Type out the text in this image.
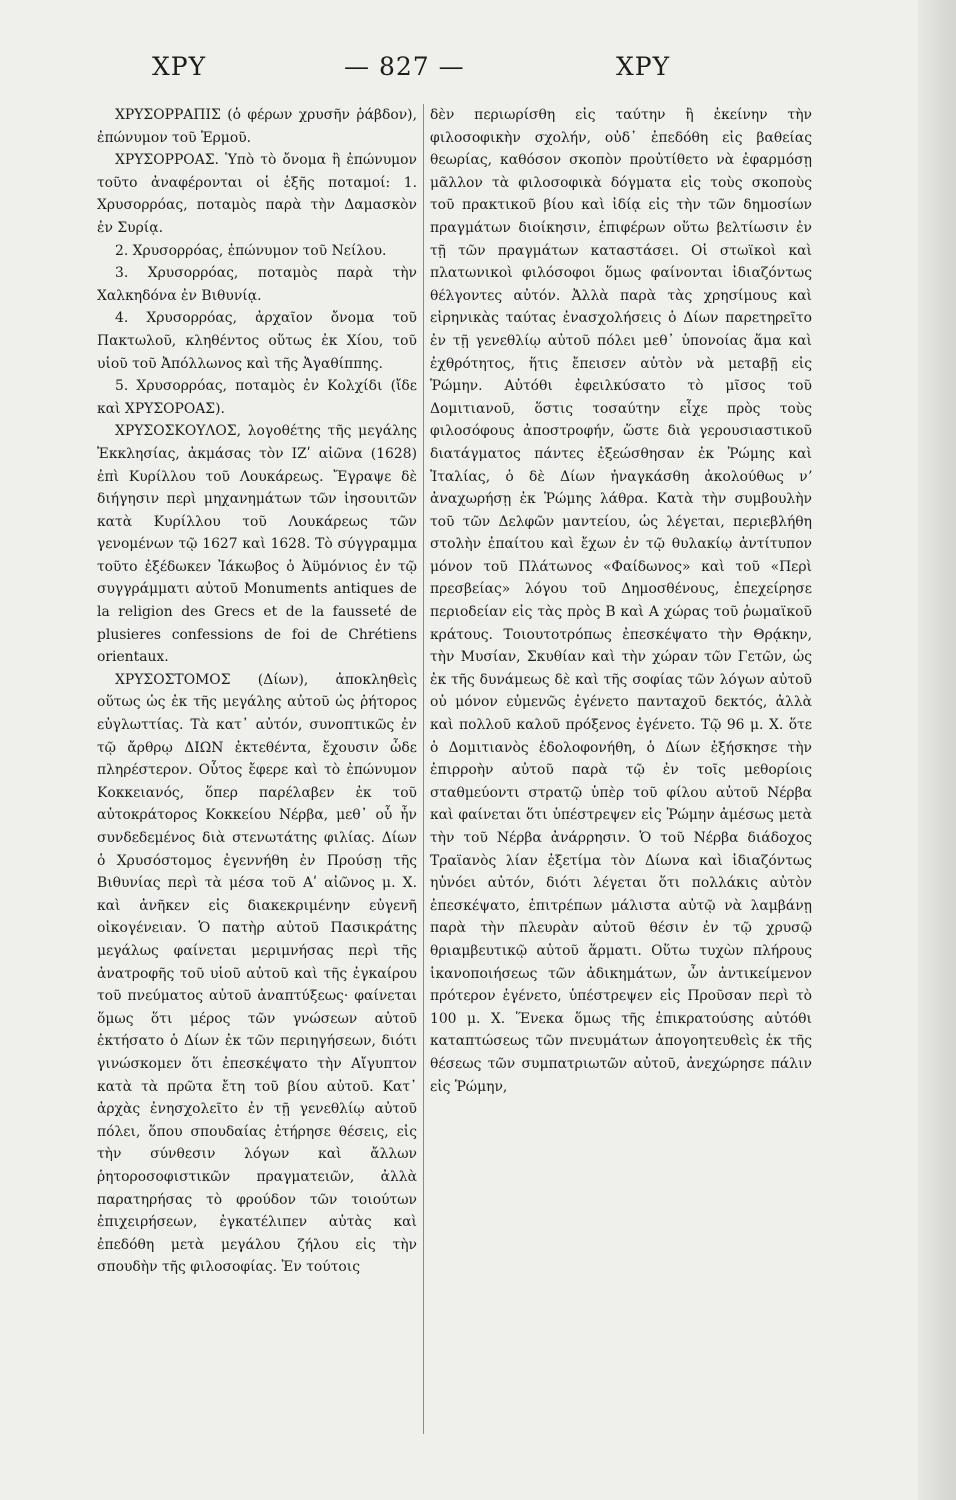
ΧΡΥ	— 827 —	ΧΡΥ

ΧΡΥΣΟΡΡΑΠΙΣ (ὁ φέρων χρυσῆν ῥάβδον), ἐπώνυμον τοῦ Ἑρμοῦ.

ΧΡΥΣΟΡΡΟΑΣ. Ὑπὸ τὸ ὄνομα ἢ ἐπώνυμον τοῦτο ἀναφέρονται οἱ ἑξῆς ποταμοί: 1. Χρυσορρόας, ποταμὸς παρὰ τὴν Δαμασκὸν ἐν Συρίᾳ.

2. Χρυσορρόας, ἐπώνυμον τοῦ Νείλου.

3. Χρυσορρόας, ποταμὸς παρὰ τὴν Χαλκηδόνα ἐν Βιθυνίᾳ.

4. Χρυσορρόας, ἀρχαῖον ὄνομα τοῦ Πακτωλοῦ, κληθέντος οὕτως ἐκ Χίου, τοῦ υἱοῦ τοῦ Ἀπόλλωνος καὶ τῆς Ἀγαθίππης.

5. Χρυσορρόας, ποταμὸς ἐν Κολχίδι (ἴδε καὶ ΧΡΥΣΟΡΟΑΣ).

ΧΡΥΣΟΣΚΟΥΛΟΣ, λογοθέτης τῆς μεγάλης Ἐκκλησίας, ἀκμάσας τὸν ΙΖʹ αἰῶνα (1628) ἐπὶ Κυρίλλου τοῦ Λουκάρεως. Ἔγραψε δὲ διήγησιν περὶ μηχανημάτων τῶν ἰησουιτῶν κατὰ Κυρίλλου τοῦ Λουκάρεως τῶν γενομένων τῷ 1627 καὶ 1628. Τὸ σύγγραμμα τοῦτο ἐξέδωκεν Ἰάκωβος ὁ Ἀϋμόνιος ἐν τῷ συγγράμματι αὐτοῦ Monuments antiques de la religion des Grecs et de la fausseté de plusieres confessions de foi de Chrétiens orientaux.

ΧΡΥΣΟΣΤΟΜΟΣ (Δίων), ἀποκληθεὶς οὕτως ὡς ἐκ τῆς μεγάλης αὐτοῦ ὡς ῥήτορος εὐγλωττίας. Τὰ κατ᾽ αὐτόν, συνοπτικῶς ἐν τῷ ἄρθρῳ ΔΙΩΝ ἐκτεθέντα, ἔχουσιν ὧδε πληρέστερον. Οὗτος ἔφερε καὶ τὸ ἐπώνυμον Κοκκειανός, ὅπερ παρέλαβεν ἐκ τοῦ αὐτοκράτορος Κοκκείου Νέρβα, μεθ᾽ οὗ ἦν συνδεδεμένος διὰ στενωτάτης φιλίας. Δίων ὁ Χρυσόστομος ἐγεννήθη ἐν Προύσῃ τῆς Βιθυνίας περὶ τὰ μέσα τοῦ Αʹ αἰῶνος μ. Χ. καὶ ἀνῆκεν εἰς διακεκριμένην εὐγενῆ οἰκογένειαν. Ὁ πατὴρ αὐτοῦ Πασικράτης μεγάλως φαίνεται μεριμνήσας περὶ τῆς ἀνατροφῆς τοῦ υἱοῦ αὐτοῦ καὶ τῆς ἐγκαίρου τοῦ πνεύματος αὐτοῦ ἀναπτύξεως· φαίνεται ὅμως ὅτι μέρος τῶν γνώσεων αὐτοῦ ἐκτήσατο ὁ Δίων ἐκ τῶν περιηγήσεων, διότι γινώσκομεν ὅτι ἐπεσκέψατο τὴν Αἴγυπτον κατὰ τὰ πρῶτα ἔτη τοῦ βίου αὐτοῦ. Κατ᾽ ἀρχὰς ἐνησχολεῖτο ἐν τῇ γενεθλίῳ αὐτοῦ πόλει, ὅπου σπουδαίας ἐτήρησε θέσεις, εἰς τὴν σύνθεσιν λόγων καὶ ἄλλων ῥητοροσοφιστικῶν πραγματειῶν, ἀλλὰ παρατηρήσας τὸ φρούδον τῶν τοιούτων ἐπιχειρήσεων, ἐγκατέλιπεν αὐτὰς καὶ ἐπεδόθη μετὰ μεγάλου ζήλου εἰς τὴν σπουδὴν τῆς φιλοσοφίας. Ἐν τούτοις

δὲν περιωρίσθη εἰς ταύτην ἢ ἐκείνην τὴν φιλοσοφικὴν σχολήν, οὐδ᾽ ἐπεδόθη εἰς βαθείας θεωρίας, καθόσον σκοπὸν προὐτίθετο νὰ ἐφαρμόσῃ μᾶλλον τὰ φιλοσοφικὰ δόγματα εἰς τοὺς σκοποὺς τοῦ πρακτικοῦ βίου καὶ ἰδίᾳ εἰς τὴν τῶν δημοσίων πραγμάτων διοίκησιν, ἐπιφέρων οὕτω βελτίωσιν ἐν τῇ τῶν πραγμάτων καταστάσει. Οἱ στωϊκοὶ καὶ πλατωνικοὶ φιλόσοφοι ὅμως φαίνονται ἰδιαζόντως θέλγοντες αὐτόν. Ἀλλὰ παρὰ τὰς χρησίμους καὶ εἰρηνικὰς ταύτας ἐνασχολήσεις ὁ Δίων παρετηρεῖτο ἐν τῇ γενεθλίῳ αὐτοῦ πόλει μεθ᾽ ὑπονοίας ἅμα καὶ ἐχθρότητος, ἥτις ἔπεισεν αὐτὸν νὰ μεταβῇ εἰς Ῥώμην. Αὐτόθι ἐφειλκύσατο τὸ μῖσος τοῦ Δομιτιανοῦ, ὅστις τοσαύτην εἶχε πρὸς τοὺς φιλοσόφους ἀποστροφήν, ὥστε διὰ γερουσιαστικοῦ διατάγματος πάντες ἐξεώσθησαν ἐκ Ῥώμης καὶ Ἰταλίας, ὁ δὲ Δίων ἠναγκάσθη ἀκολούθως νʼ ἀναχωρήσῃ ἐκ Ῥώμης λάθρα. Κατὰ τὴν συμβουλὴν τοῦ τῶν Δελφῶν μαντείου, ὡς λέγεται, περιεβλήθη στολὴν ἐπαίτου καὶ ἔχων ἐν τῷ θυλακίῳ ἀντίτυπον μόνον τοῦ Πλάτωνος «Φαίδωνος» καὶ τοῦ «Περὶ πρεσβείας» λόγου τοῦ Δημοσθένους, ἐπεχείρησε περιοδείαν εἰς τὰς πρὸς Β καὶ Α χώρας τοῦ ῥωμαϊκοῦ κράτους. Τοιουτοτρόπως ἐπεσκέψατο τὴν Θρᾴκην, τὴν Μυσίαν, Σκυθίαν καὶ τὴν χώραν τῶν Γετῶν, ὡς ἐκ τῆς δυνάμεως δὲ καὶ τῆς σοφίας τῶν λόγων αὐτοῦ οὐ μόνον εὐμενῶς ἐγένετο πανταχοῦ δεκτός, ἀλλὰ καὶ πολλοῦ καλοῦ πρόξενος ἐγένετο. Τῷ 96 μ. Χ. ὅτε ὁ Δομιτιανὸς ἐδολοφονήθη, ὁ Δίων ἐξήσκησε τὴν ἐπιρροὴν αὐτοῦ παρὰ τῷ ἐν τοῖς μεθορίοις σταθμεύοντι στρατῷ ὑπὲρ τοῦ φίλου αὐτοῦ Νέρβα καὶ φαίνεται ὅτι ὑπέστρεψεν εἰς Ῥώμην ἀμέσως μετὰ τὴν τοῦ Νέρβα ἀνάρρησιν. Ὁ τοῦ Νέρβα διάδοχος Τραϊανὸς λίαν ἐξετίμα τὸν Δίωνα καὶ ἰδιαζόντως ηὐνόει αὐτόν, διότι λέγεται ὅτι πολλάκις αὐτὸν ἐπεσκέψατο, ἐπιτρέπων μάλιστα αὐτῷ νὰ λαμβάνῃ παρὰ τὴν πλευρὰν αὐτοῦ θέσιν ἐν τῷ χρυσῷ θριαμβευτικῷ αὐτοῦ ἅρματι. Οὕτω τυχὼν πλήρους ἱκανοποιήσεως τῶν ἀδικημάτων, ὧν ἀντικείμενον πρότερον ἐγένετο, ὑπέστρεψεν εἰς Προῦσαν περὶ τὸ 100 μ. Χ. Ἕνεκα ὅμως τῆς ἐπικρατούσης αὐτόθι καταπτώσεως τῶν πνευμάτων ἀπογοητευθεὶς ἐκ τῆς θέσεως τῶν συμπατριωτῶν αὐτοῦ, ἀνεχώρησε πάλιν εἰς Ῥώμην,
